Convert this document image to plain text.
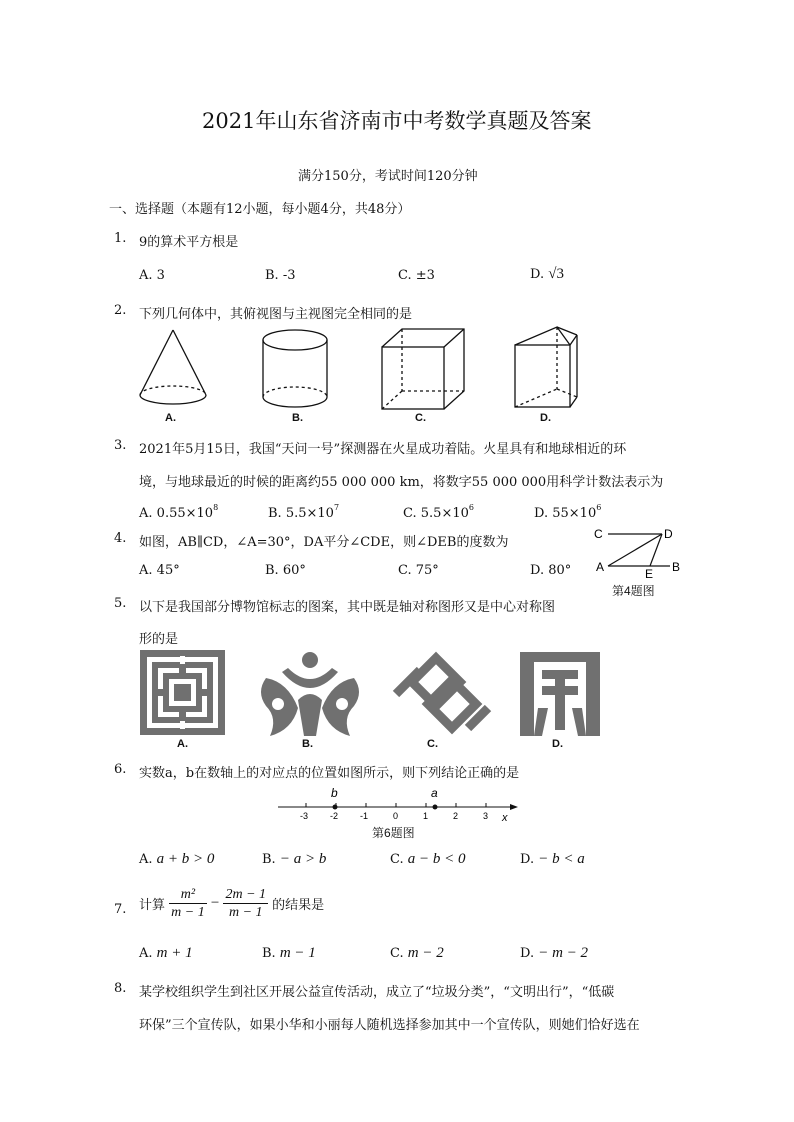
2021年山东省济南市中考数学真题及答案
满分150分，考试时间120分钟
一、选择题（本题有12小题，每小题4分，共48分）
1. 9的算术平方根是
A. 3	B. -3	C. ±3	D. √3
2. 下列几何体中，其俯视图与主视图完全相同的是
A.	B.	C.	D.
3. 2021年5月15日，我国“天问一号”探测器在火星成功着陆。火星具有和地球相近的环
境，与地球最近的时候的距离约55 000 000 km，将数字55 000 000用科学计数法表示为
A. $0.55\times 10^8$	B. $5.5\times 10^7$	C. $5.5\times 10^6$	D. $55\times 10^6$
4. 如图，AB∥CD，∠A=30°，DA平分∠CDE，则∠DEB的度数为
A. 45°	B. 60°	C. 75°	D. 80°
C	D
A	E B
第4题图
5. 以下是我国部分博物馆标志的图案，其中既是轴对称图形又是中心对称图
形的是
A.	B.	C.	D.
6. 实数a，b在数轴上的对应点的位置如图所示，则下列结论正确的是
-3 -2 -1	0	1	2	3 x
b	a
第6题图
A. a + b > 0	B. − a > b	C. a − b < 0	D. − b < a
7. 计算 $\frac{\text{m²}}{m - 1} - \frac{2m - 1}{m - 1}$ 的结果是
A. m + 1	B. m − 1	C. m − 2	D. − m − 2
8. 某学校组织学生到社区开展公益宣传活动，成立了“垃圾分类”，“文明出行”，“低碳
环保”三个宣传队，如果小华和小丽每人随机选择参加其中一个宣传队，则她们恰好选在
